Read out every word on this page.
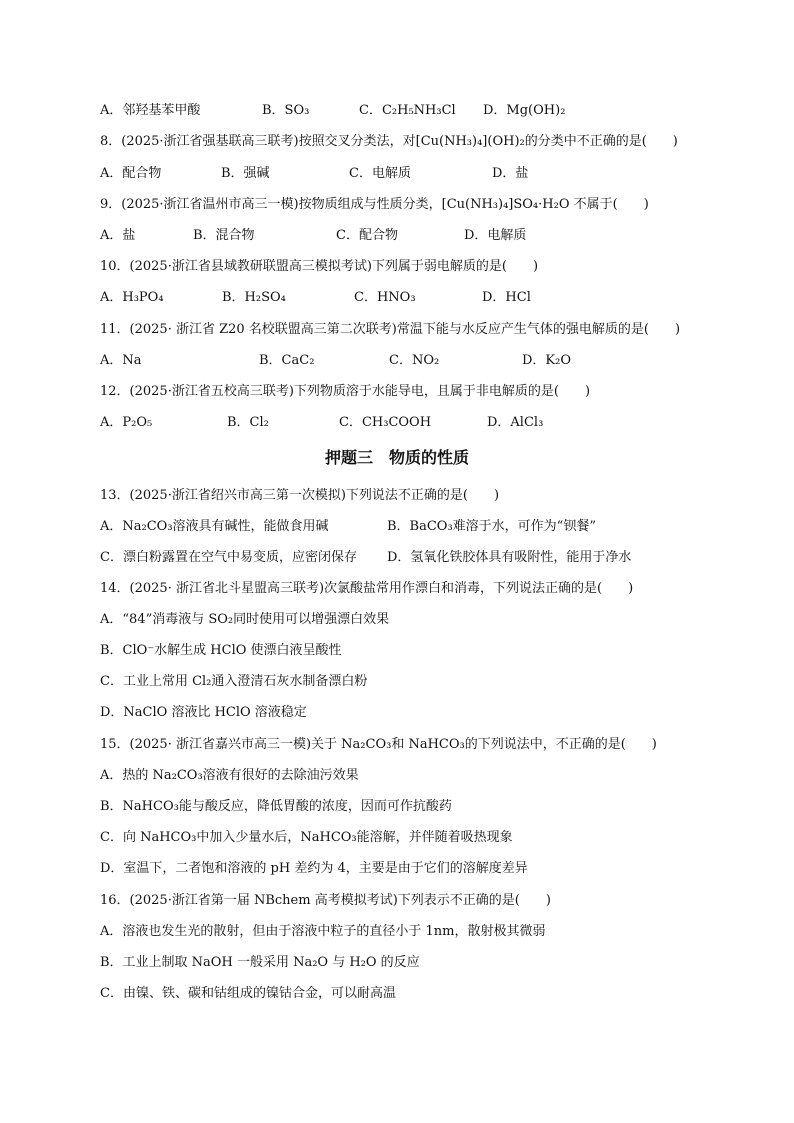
A．邻羟基苯甲酸	B．SO₃	C．C₂H₅NH₃Cl D．Mg(OH)₂
8．(2025·浙江省强基联高三联考)按照交叉分类法，对[Cu(NH₃)₄](OH)₂的分类中不正确的是(　　)
A．配合物	B．强碱	C．电解质	D．盐
9．(2025·浙江省温州市高三一模)按物质组成与性质分类，[Cu(NH₃)₄]SO₄·H₂O 不属于(　　)
A．盐	B．混合物	C．配合物	D．电解质
10．(2025·浙江省县域教研联盟高三模拟考试)下列属于弱电解质的是(　　)
A．H₃PO₄	B．H₂SO₄	C．HNO₃	D．HCl
11．(2025· 浙江省 Z20 名校联盟高三第二次联考)常温下能与水反应产生气体的强电解质的是(　　)
A．Na	B．CaC₂	C．NO₂	D．K₂O
12．(2025·浙江省五校高三联考)下列物质溶于水能导电，且属于非电解质的是(　　)
A．P₂O₅	B．Cl₂	C．CH₃COOH	D．AlCl₃
押题三　物质的性质
13．(2025·浙江省绍兴市高三第一次模拟)下列说法不正确的是(　　)
A．Na₂CO₃溶液具有碱性，能做食用碱	B．BaCO₃难溶于水，可作为“钡餐”
C．漂白粉露置在空气中易变质，应密闭保存 D．氢氧化铁胶体具有吸附性，能用于净水
14．(2025· 浙江省北斗星盟高三联考)次氯酸盐常用作漂白和消毒，下列说法正确的是(　　)
A．“84”消毒液与 SO₂同时使用可以增强漂白效果
B．ClO⁻水解生成 HClO 使漂白液呈酸性
C．工业上常用 Cl₂通入澄清石灰水制备漂白粉
D．NaClO 溶液比 HClO 溶液稳定
15．(2025· 浙江省嘉兴市高三一模)关于 Na₂CO₃和 NaHCO₃的下列说法中，不正确的是(　　)
A．热的 Na₂CO₃溶液有很好的去除油污效果
B．NaHCO₃能与酸反应，降低胃酸的浓度，因而可作抗酸药
C．向 NaHCO₃中加入少量水后，NaHCO₃能溶解，并伴随着吸热现象
D．室温下，二者饱和溶液的 pH 差约为 4，主要是由于它们的溶解度差异
16．(2025·浙江省第一届 NBchem 高考模拟考试)下列表示不正确的是(　　)
A．溶液也发生光的散射，但由于溶液中粒子的直径小于 1nm，散射极其微弱
B．工业上制取 NaOH 一般采用 Na₂O 与 H₂O 的反应
C．由镍、铁、碳和钴组成的镍钴合金，可以耐高温
